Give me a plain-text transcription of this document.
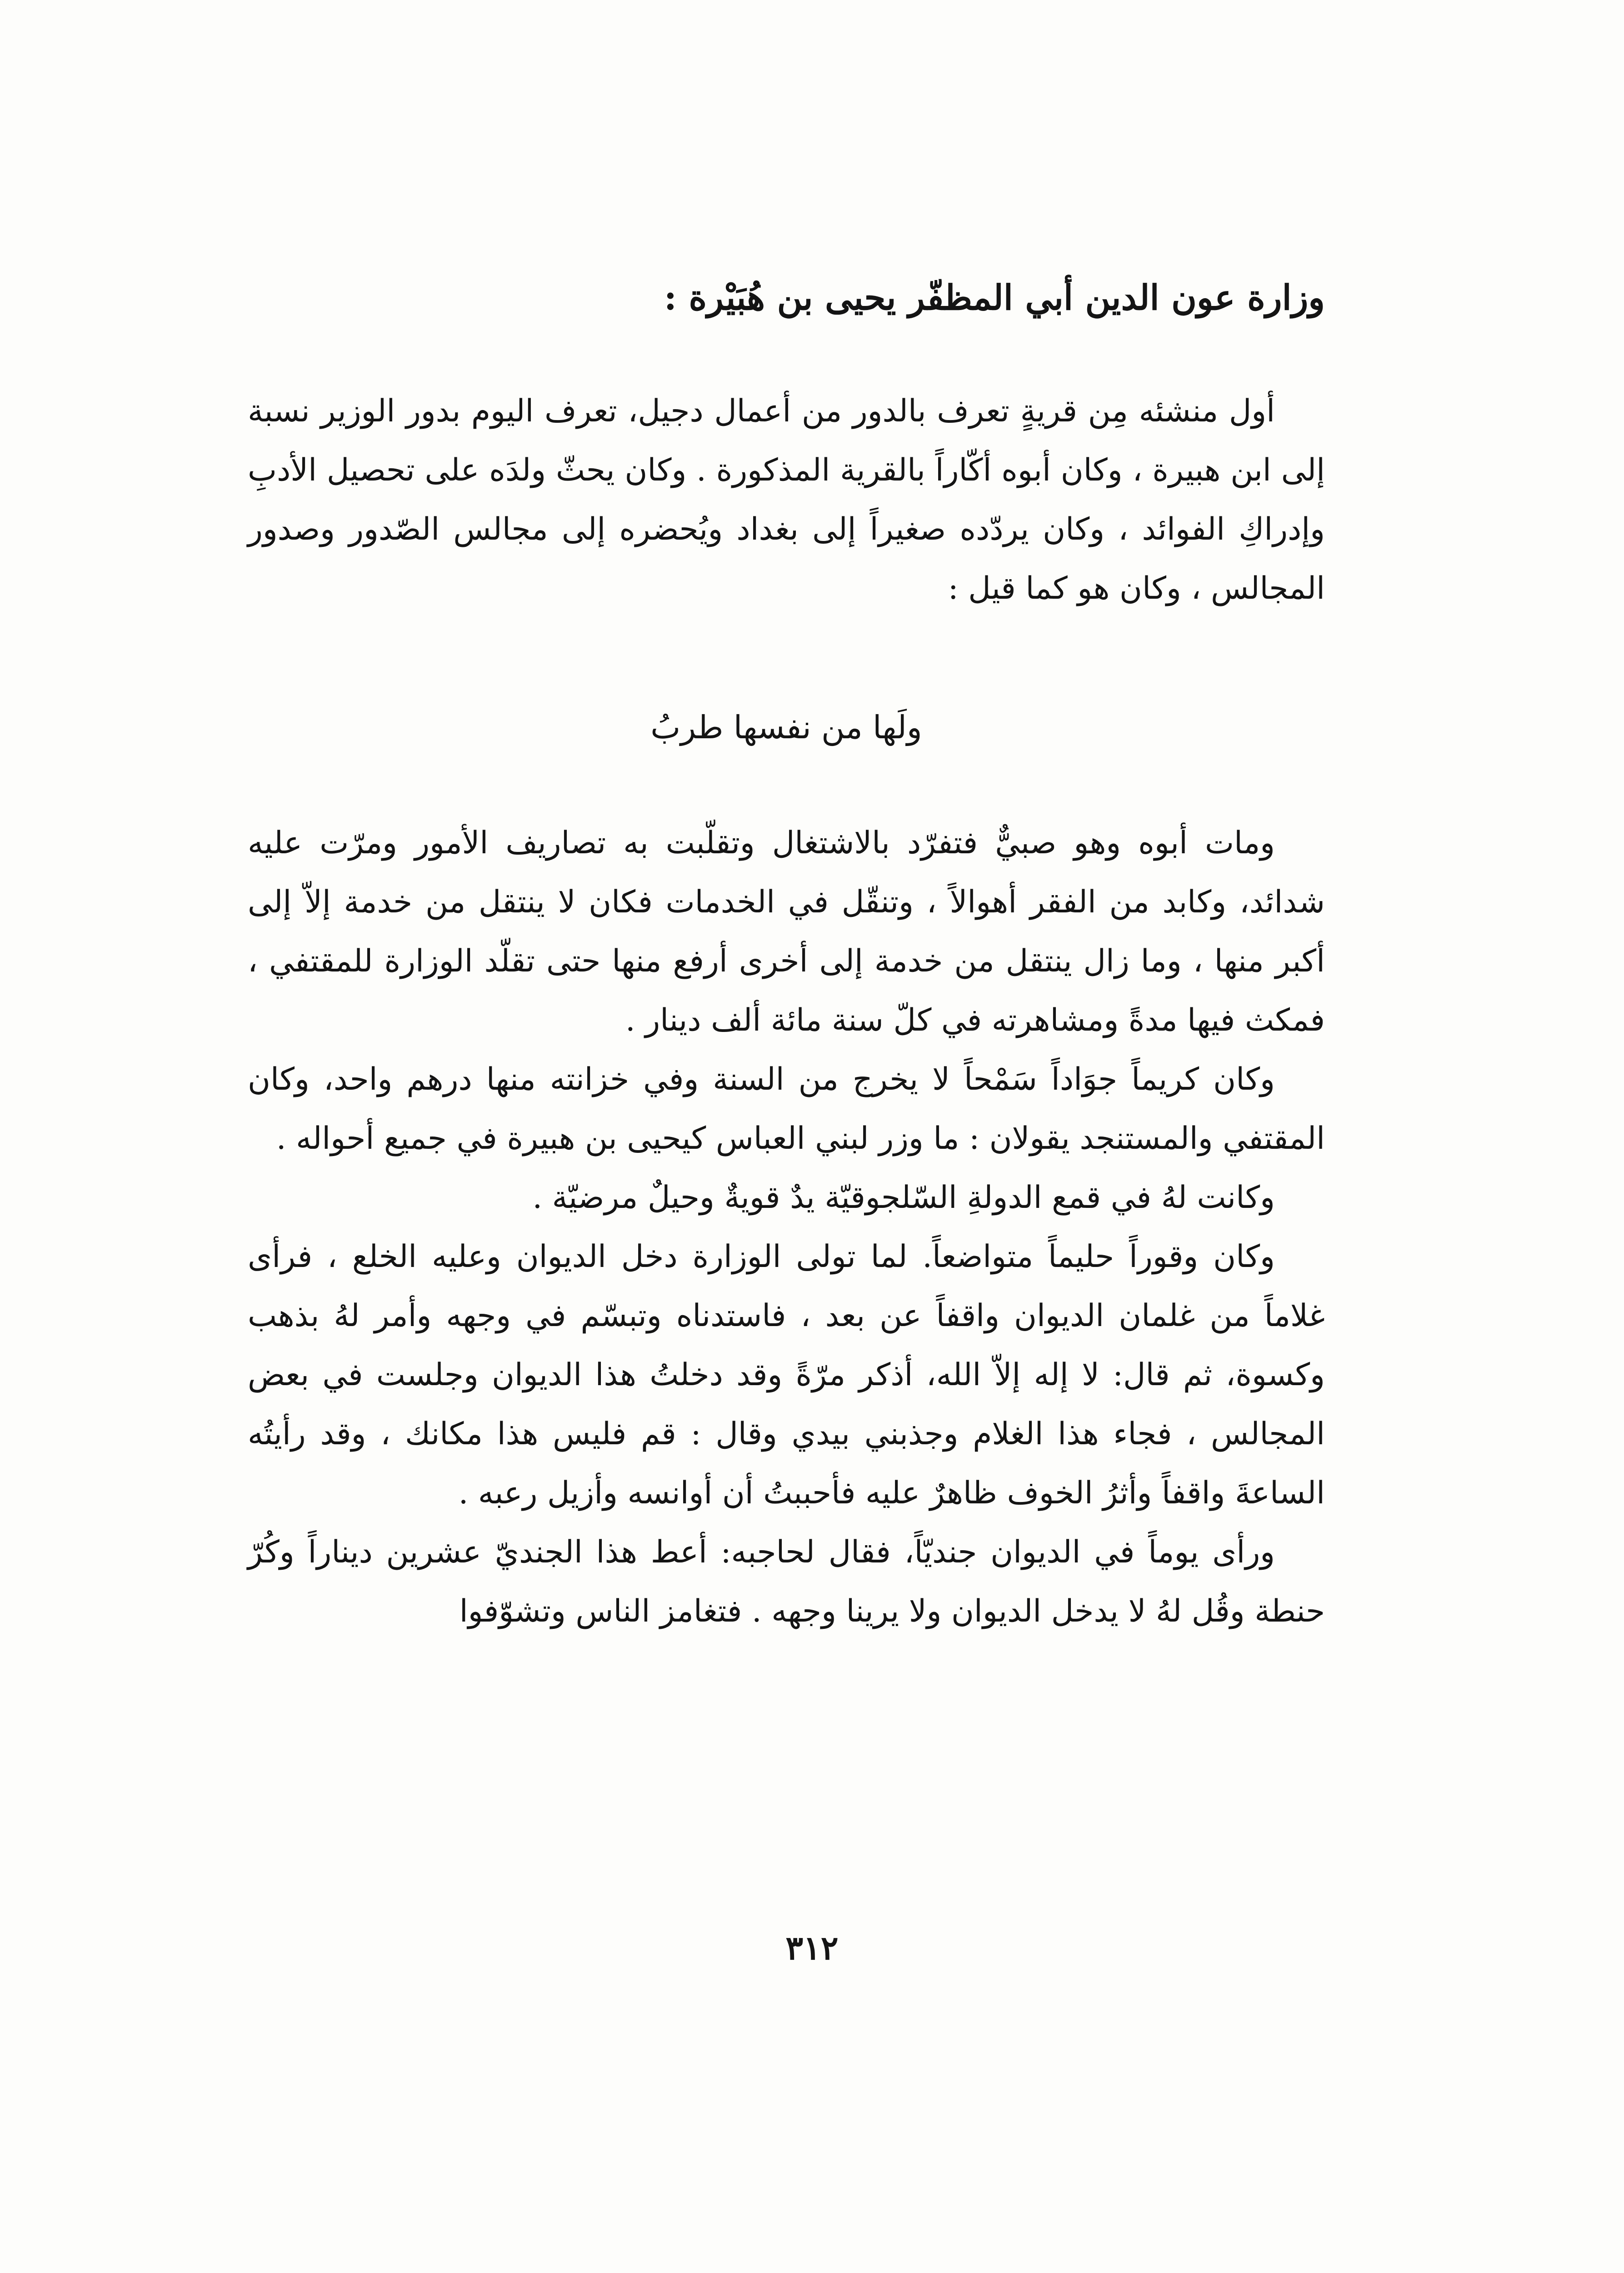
وزارة عون الدين أبي المظفّر يحيى بن هُبَيْرة :

أول منشئه مِن قريةٍ تعرف بالدور من أعمال دجيل، تعرف اليوم بدور الوزير نسبة إلى ابن هبيرة ، وكان أبوه أكّاراً بالقرية المذكورة . وكان يحثّ ولدَه على تحصيل الأدبِ وإدراكِ الفوائد ، وكان يردّده صغيراً إلى بغداد ويُحضره إلى مجالس الصّدور وصدور المجالس ، وكان هو كما قيل :

ولَها من نفسها طربُ

ومات أبوه وهو صبيٌّ فتفرّد بالاشتغال وتقلّبت به تصاريف الأمور ومرّت عليه شدائد، وكابد من الفقر أهوالاً ، وتنقّل في الخدمات فكان لا ينتقل من خدمة إلاّ إلى أكبر منها ، وما زال ينتقل من خدمة إلى أخرى أرفع منها حتى تقلّد الوزارة للمقتفي ، فمكث فيها مدةً ومشاهرته في كلّ سنة مائة ألف دينار .

وكان كريماً جوَاداً سَمْحاً لا يخرج من السنة وفي خزانته منها درهم واحد، وكان المقتفي والمستنجد يقولان : ما وزر لبني العباس كيحيى بن هبيرة في جميع أحواله .

وكانت لهُ في قمع الدولةِ السّلجوقيّة يدٌ قويةٌ وحيلٌ مرضيّة .

وكان وقوراً حليماً متواضعاً. لما تولى الوزارة دخل الديوان وعليه الخلع ، فرأى غلاماً من غلمان الديوان واقفاً عن بعد ، فاستدناه وتبسّم في وجهه وأمر لهُ بذهب وكسوة، ثم قال: لا إله إلاّ الله، أذكر مرّةً وقد دخلتُ هذا الديوان وجلست في بعض المجالس ، فجاء هذا الغلام وجذبني بيدي وقال : قم فليس هذا مكانك ، وقد رأيتُه الساعةَ واقفاً وأثرُ الخوف ظاهرٌ عليه فأحببتُ أن أوانسه وأزيل رعبه .

ورأى يوماً في الديوان جنديّاً، فقال لحاجبه: أعط هذا الجنديّ عشرين ديناراً وكُرّ حنطة وقُل لهُ لا يدخل الديوان ولا يرينا وجهه . فتغامز الناس وتشوّفوا

٣١٢
